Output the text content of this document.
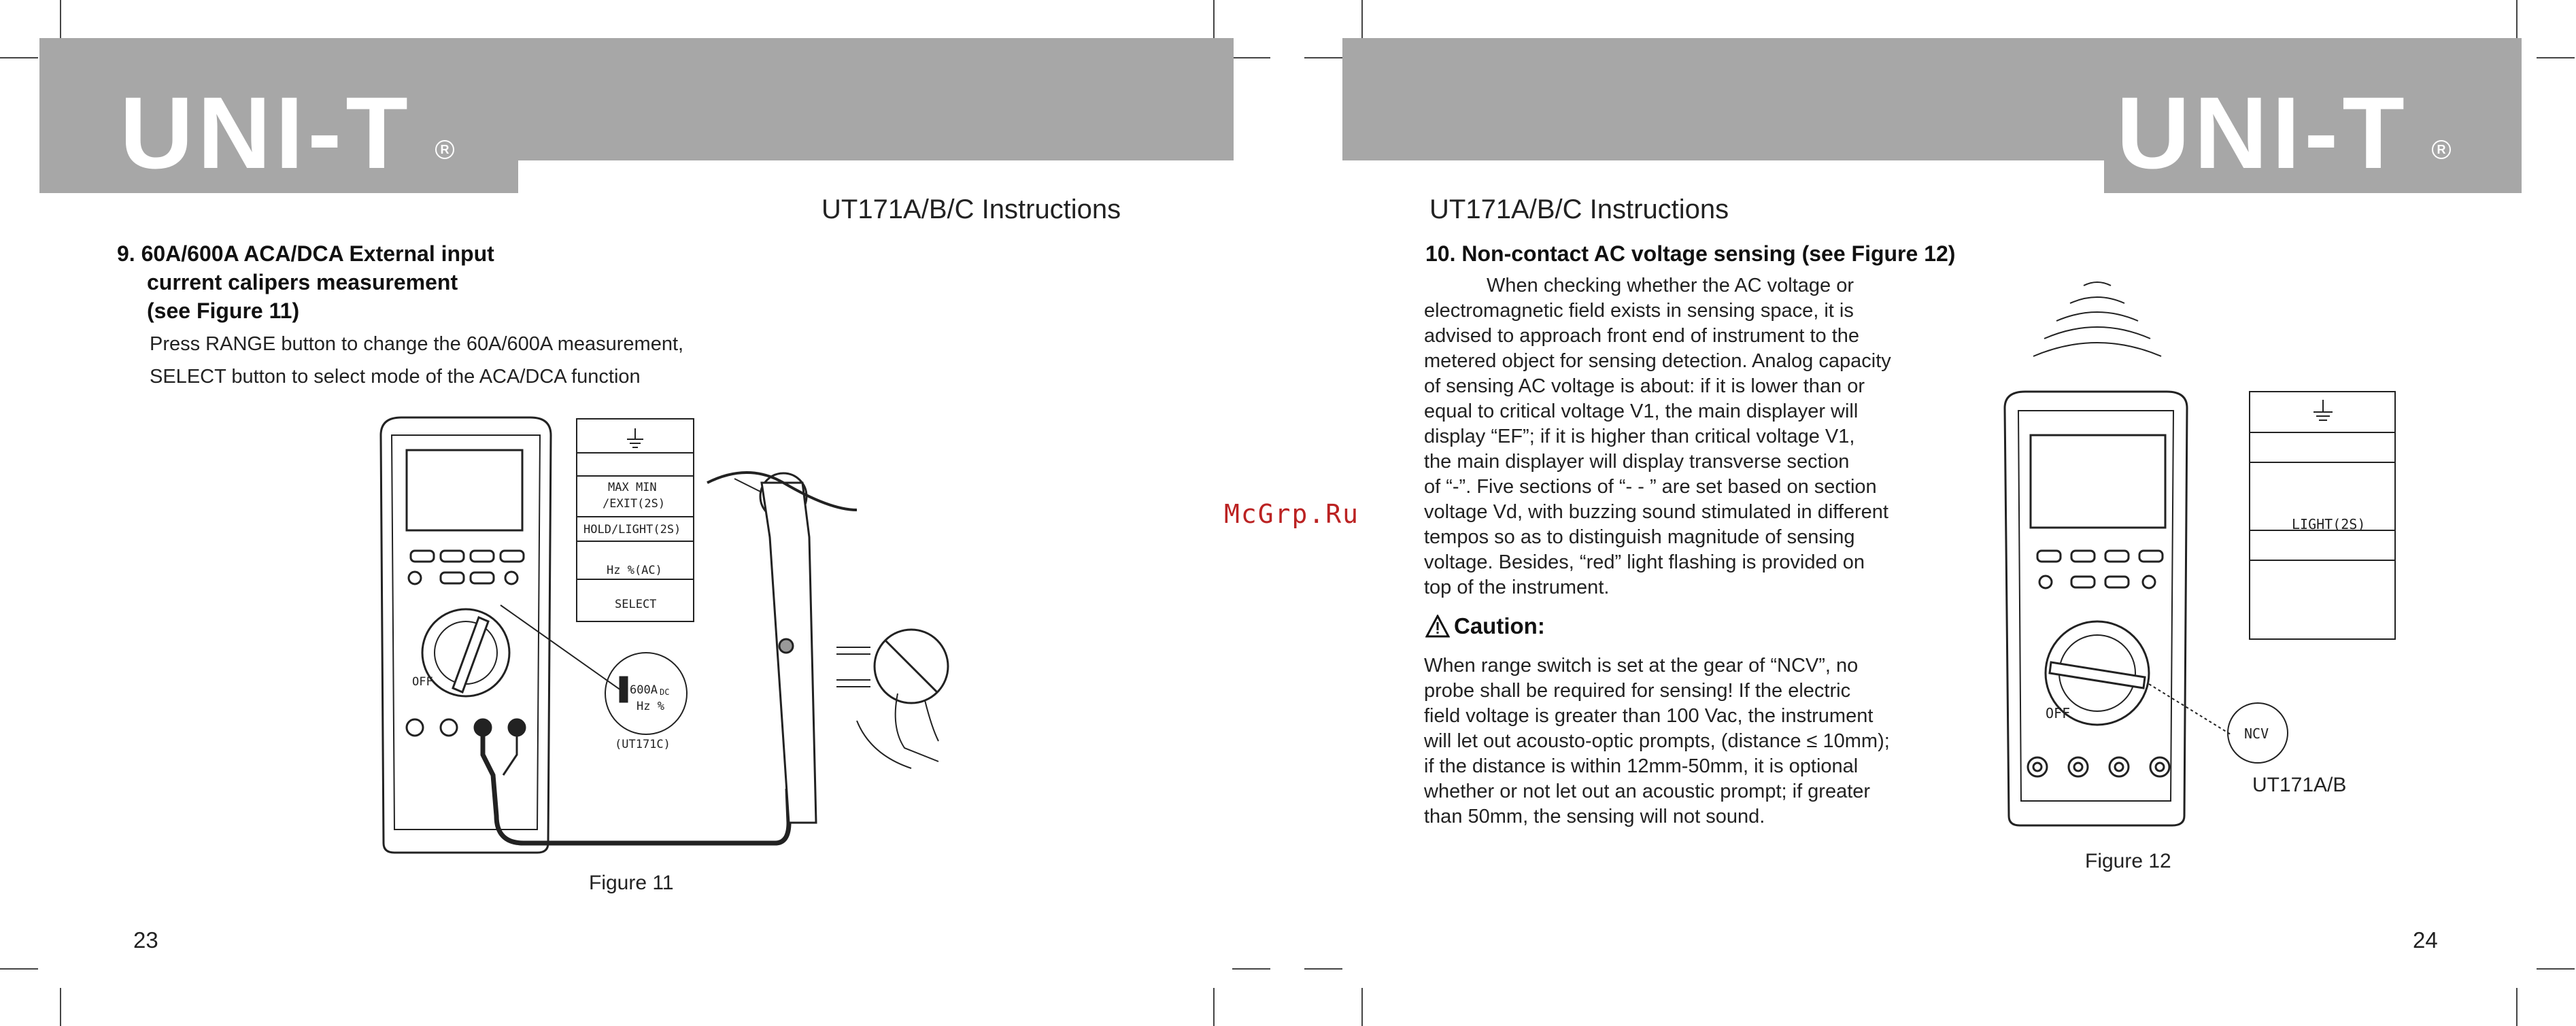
UNI-T	R
UT171A/B/C Instructions
9. 60A/600A ACA/DCA External input
current calipers measurement
(see Figure 11)
Press RANGE button to change the 60A/600A measurement,
SELECT button to select mode of the ACA/DCA function
MAX MIN
/EXIT(2S)
HOLD/LIGHT(2S)
Hz %(AC)
SELECT
OFF
600A DC
Hz %
(UT171C)
Figure 11
23
UNI-T	R
UT171A/B/C Instructions
10. Non-contact AC voltage sensing (see Figure 12)
When checking whether the AC voltage or
electromagnetic field exists in sensing space, it is
advised to approach front end of instrument to the
metered object for sensing detection. Analog capacity
of sensing AC voltage is about: if it is lower than or
equal to critical voltage V1, the main displayer will
display “EF”; if it is higher than critical voltage V1,
the main displayer will display transverse section
of “-”. Five sections of “- - ” are set based on section
voltage Vd, with buzzing sound stimulated in different
tempos so as to distinguish magnitude of sensing
voltage. Besides, “red” light flashing is provided on
top of the instrument.
Caution:
When range switch is set at the gear of “NCV”, no
probe shall be required for sensing! If the electric
field voltage is greater than 100 Vac, the instrument
will let out acousto-optic prompts, (distance ≤ 10mm);
if the distance is within 12mm-50mm, it is optional
whether or not let out an acoustic prompt; if greater
than 50mm, the sensing will not sound.
LIGHT(2S)
OFF
NCV
UT171A/B
Figure 12
24
McGrp.Ru
